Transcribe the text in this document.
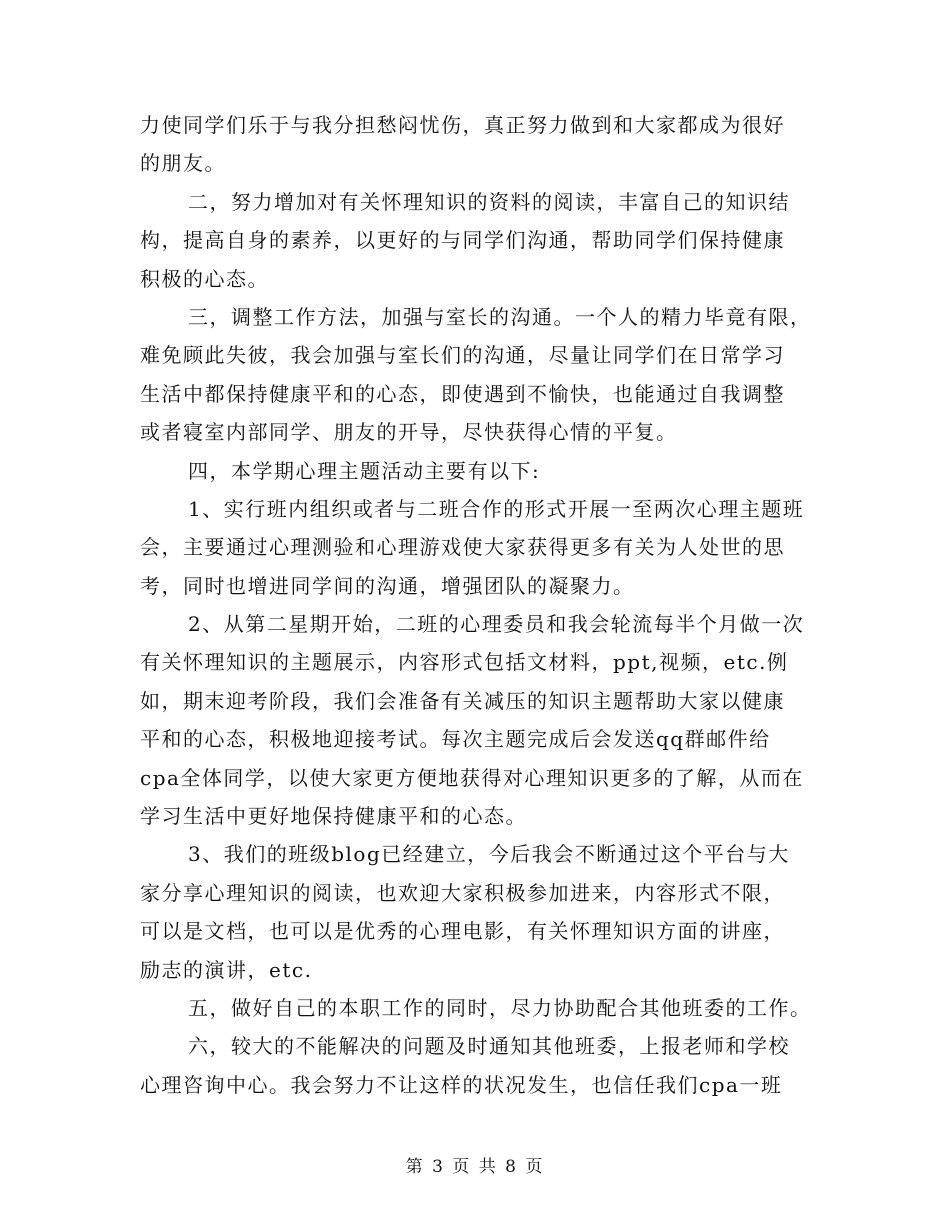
力使同学们乐于与我分担愁闷忧伤，真正努力做到和大家都成为很好
的朋友。
二，努力增加对有关怀理知识的资料的阅读，丰富自己的知识结
构，提高自身的素养，以更好的与同学们沟通，帮助同学们保持健康
积极的心态。
三，调整工作方法，加强与室长的沟通。一个人的精力毕竟有限，
难免顾此失彼，我会加强与室长们的沟通，尽量让同学们在日常学习
生活中都保持健康平和的心态，即使遇到不愉快，也能通过自我调整
或者寝室内部同学、朋友的开导，尽快获得心情的平复。
四，本学期心理主题活动主要有以下:
1、实行班内组织或者与二班合作的形式开展一至两次心理主题班
会，主要通过心理测验和心理游戏使大家获得更多有关为人处世的思
考，同时也增进同学间的沟通，增强团队的凝聚力。
2、从第二星期开始，二班的心理委员和我会轮流每半个月做一次
有关怀理知识的主题展示，内容形式包括文材料，ppt,视频，etc.例
如，期末迎考阶段，我们会准备有关减压的知识主题帮助大家以健康
平和的心态，积极地迎接考试。每次主题完成后会发送qq群邮件给
cpa全体同学，以使大家更方便地获得对心理知识更多的了解，从而在
学习生活中更好地保持健康平和的心态。
3、我们的班级blog已经建立，今后我会不断通过这个平台与大
家分享心理知识的阅读，也欢迎大家积极参加进来，内容形式不限，
可以是文档，也可以是优秀的心理电影，有关怀理知识方面的讲座，
励志的演讲，etc.
五，做好自己的本职工作的同时，尽力协助配合其他班委的工作。
六，较大的不能解决的问题及时通知其他班委，上报老师和学校
心理咨询中心。我会努力不让这样的状况发生，也信任我们cpa一班
第 3 页 共 8 页
